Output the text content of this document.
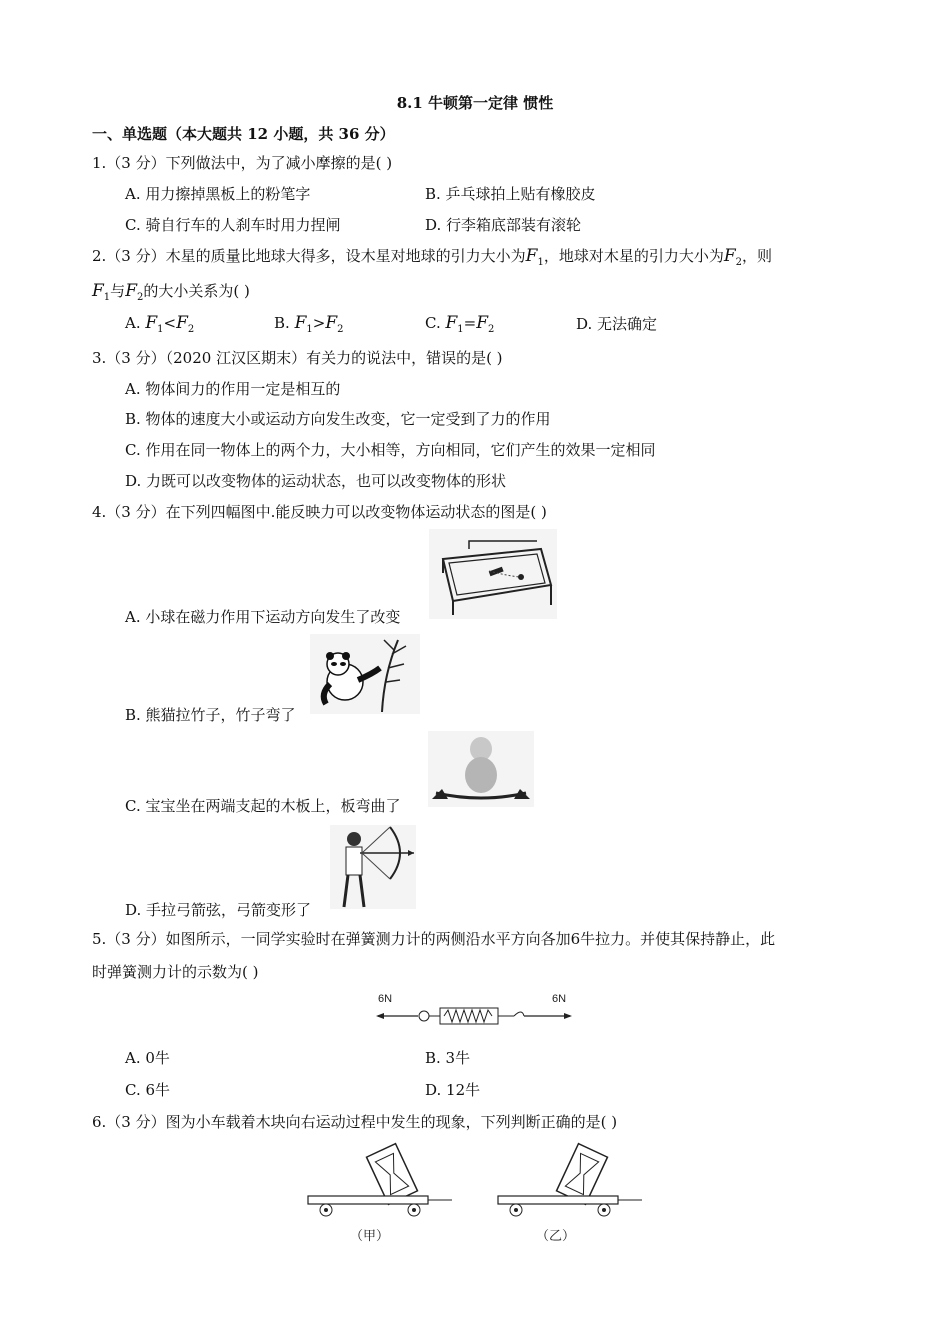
8.1 牛顿第一定律 惯性
一、单选题（本大题共 12 小题，共 36 分）
1.（3 分）下列做法中，为了减小摩擦的是( )
A. 用力擦掉黑板上的粉笔字	B. 乒乓球拍上贴有橡胶皮
C. 骑自行车的人刹车时用力捏闸	D. 行李箱底部装有滚轮
2.（3 分）木星的质量比地球大得多，设木星对地球的引力大小为$F_1$，地球对木星的引力大小为$F_2$，则
$F_1$与$F_2$的大小关系为( )
A. $F_1<F_2$	B. $F_1>F_2$	C. $F_1=F_2$	D. 无法确定
3.（3 分）（2020 江汉区期末）有关力的说法中，错误的是( )
A. 物体间力的作用一定是相互的
B. 物体的速度大小或运动方向发生改变，它一定受到了力的作用
C. 作用在同一物体上的两个力，大小相等，方向相同，它们产生的效果一定相同
D. 力既可以改变物体的运动状态，也可以改变物体的形状
4.（3 分）在下列四幅图中.能反映力可以改变物体运动状态的图是( )
A. 小球在磁力作用下运动方向发生了改变
B. 熊猫拉竹子，竹子弯了
C. 宝宝坐在两端支起的木板上，板弯曲了
D. 手拉弓箭弦，弓箭变形了
5.（3 分）如图所示，一同学实验时在弹簧测力计的两侧沿水平方向各加6牛拉力。并使其保持静止，此
时弹簧测力计的示数为( )
6N	6N
A. 0牛	B. 3牛
C. 6牛	D. 12牛
6.（3 分）图为小车载着木块向右运动过程中发生的现象，下列判断正确的是( )
（甲）	（乙）
